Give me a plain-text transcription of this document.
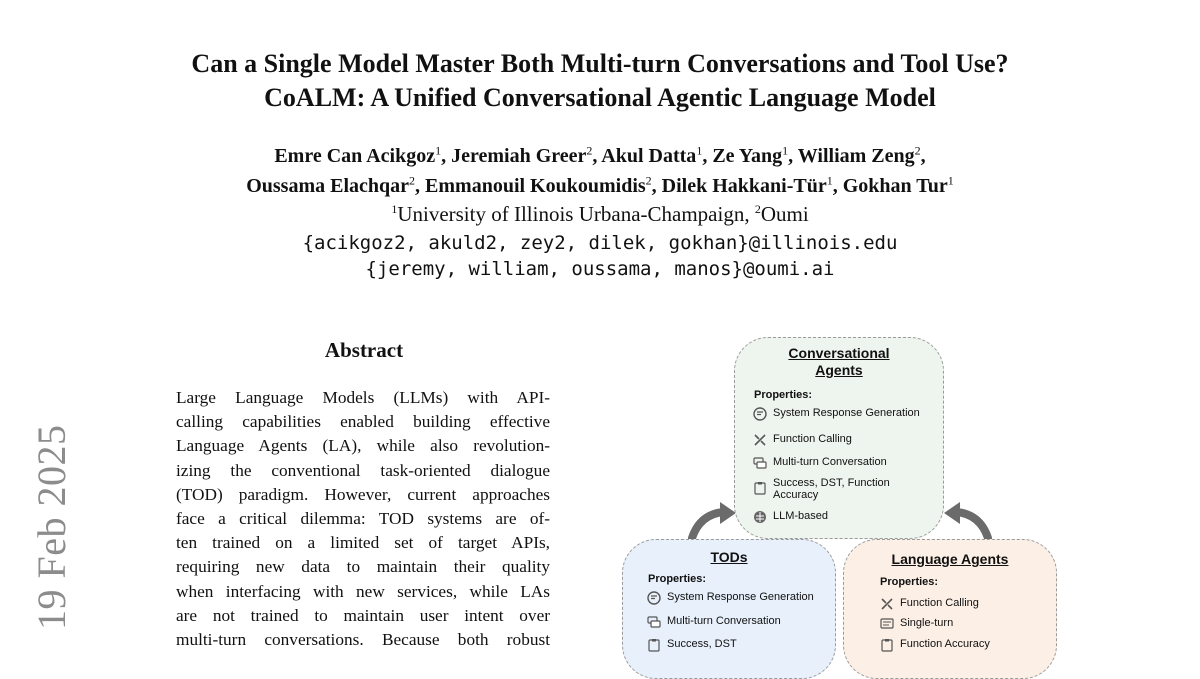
19 Feb 2025
Can a Single Model Master Both Multi-turn Conversations and Tool Use?
CoALM: A Unified Conversational Agentic Language Model
Emre Can Acikgoz$^1$, Jeremiah Greer$^2$, Akul Datta$^1$, Ze Yang$^1$, William Zeng$^2$,
Oussama Elachqar$^2$, Emmanouil Koukoumidis$^2$, Dilek Hakkani-Tür$^1$, Gokhan Tur$^1$
$^1$University of Illinois Urbana-Champaign, $^2$Oumi
{acikgoz2, akuld2, zey2, dilek, gokhan}@illinois.edu
{jeremy, william, oussama, manos}@oumi.ai
Abstract
Large Language Models (LLMs) with API-
calling capabilities enabled building effective
Language Agents (LA), while also revolution-
izing the conventional task-oriented dialogue
(TOD) paradigm. However, current approaches
face a critical dilemma: TOD systems are of-
ten trained on a limited set of target APIs,
requiring new data to maintain their quality
when interfacing with new services, while LAs
are not trained to maintain user intent over
multi-turn conversations. Because both robust
TODs
Properties:
System Response Generation
Multi-turn Conversation
Success, DST
Language Agents
Properties:
Function Calling
Single-turn
Function Accuracy
Conversational
Agents
Properties:
System Response Generation
Function Calling
Multi-turn Conversation
Success, DST, Function
Accuracy
LLM-based
